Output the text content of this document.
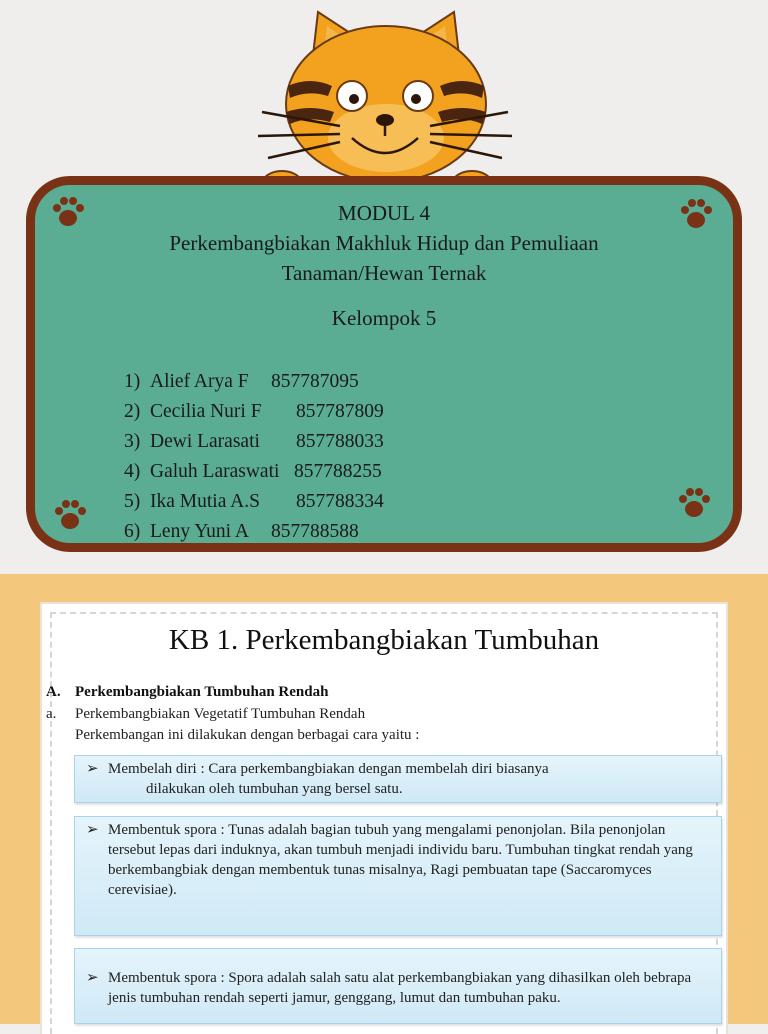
MODUL 4
Perkembangbiakan Makhluk Hidup dan Pemuliaan
Tanaman/Hewan Ternak
Kelompok 5
1) Alief Arya F 857787095
2) Cecilia Nuri F 857787809
3) Dewi Larasati 857788033
4) Galuh Laraswati 857788255
5) Ika Mutia A.S 857788334
6) Leny Yuni A 857788588
KB 1. Perkembangbiakan Tumbuhan
A. Perkembangbiakan Tumbuhan Rendah
a. Perkembangbiakan Vegetatif Tumbuhan Rendah
Perkembangan ini dilakukan dengan berbagai cara yaitu :

➢ Membelah diri : Cara perkembangbiakan dengan membelah diri biasanya

dilakukan oleh tumbuhan yang bersel satu.

➢ Membentuk spora : Tunas adalah bagian tubuh yang mengalami penonjolan. Bila penonjolan tersebut lepas dari induknya, akan tumbuh menjadi individu baru. Tumbuhan tingkat rendah yang berkembangbiak dengan membentuk tunas misalnya, Ragi pembuatan tape (Saccaromyces cerevisiae).

➢ Membentuk spora : Spora adalah salah satu alat perkembangbiakan yang dihasilkan oleh bebrapa jenis tumbuhan rendah seperti jamur, genggang, lumut dan tumbuhan paku.
